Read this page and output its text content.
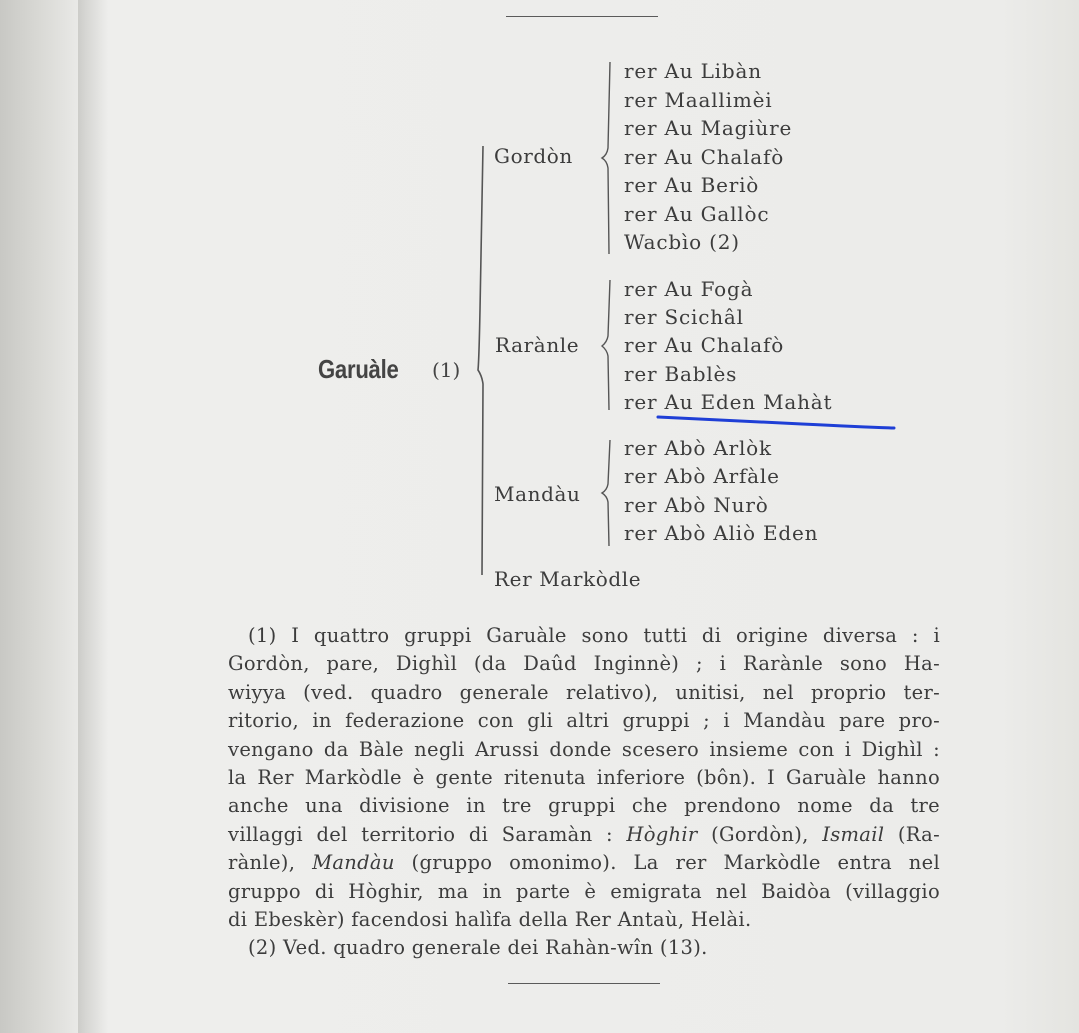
Garuàle (1)
Gordòn
Rarànle
Mandàu
Rer Markòdle
rer Au Libàn
rer Maallimèi
rer Au Magiùre
rer Au Chalafò
rer Au Beriò
rer Au Gallòc
Wacbìo (2)
rer Au Fogà
rer Scichâl
rer Au Chalafò
rer Bablès
rer Au Eden Mahàt
rer Abò Arlòk
rer Abò Arfàle
rer Abò Nurò
rer Abò Aliò Eden
(1) I quattro gruppi Garuàle sono tutti di origine diversa : i
Gordòn, pare, Dighìl (da Daûd Inginnè) ; i Rarànle sono Ha-
wiyya (ved. quadro generale relativo), unitisi, nel proprio ter-
ritorio, in federazione con gli altri gruppi ; i Mandàu pare pro-
vengano da Bàle negli Arussi donde scesero insieme con i Dighìl :
la Rer Markòdle è gente ritenuta inferiore (bôn). I Garuàle hanno
anche una divisione in tre gruppi che prendono nome da tre
villaggi del territorio di Saramàn : Hòghir (Gordòn), Ismail (Ra-
rànle), Mandàu (gruppo omonimo). La rer Markòdle entra nel
gruppo di Hòghir, ma in parte è emigrata nel Baidòa (villaggio
di Ebeskèr) facendosi halìfa della Rer Antaù, Helài.
(2) Ved. quadro generale dei Rahàn-wîn (13).
